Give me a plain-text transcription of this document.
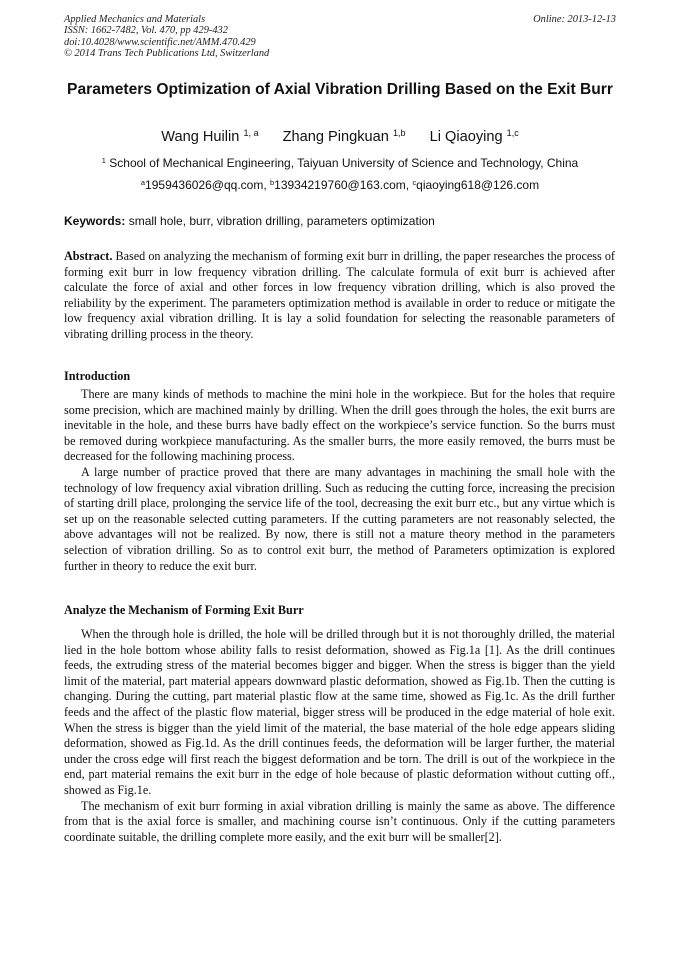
Applied Mechanics and Materials
ISSN: 1662-7482, Vol. 470, pp 429-432
doi:10.4028/www.scientific.net/AMM.470.429
© 2014 Trans Tech Publications Ltd, Switzerland
Online: 2013-12-13
Parameters Optimization of Axial Vibration Drilling Based on the Exit Burr
Wang Huilin $^{1, a}$ Zhang Pingkuan $^{1,b}$ Li Qiaoying $^{1,c}$
$^1$ School of Mechanical Engineering, Taiyuan University of Science and Technology, China
$^a$1959436026@qq.com, $^b$13934219760@163.com, $^c$qiaoying618@126.com
Keywords: small hole, burr, vibration drilling, parameters optimization

Abstract. Based on analyzing the mechanism of forming exit burr in drilling, the paper researches the process of forming exit burr in low frequency vibration drilling. The calculate formula of exit burr is achieved after calculate the force of axial and other forces in low frequency vibration drilling, which is also proved the reliability by the experiment. The parameters optimization method is available in order to reduce or mitigate the low frequency axial vibration drilling. It is lay a solid foundation for selecting the reasonable parameters of vibrating drilling process in the theory.

Introduction

There are many kinds of methods to machine the mini hole in the workpiece. But for the holes that require some precision, which are machined mainly by drilling. When the drill goes through the holes, the exit burrs are inevitable in the hole, and these burrs have badly effect on the workpiece’s service function. So the burrs must be removed during workpiece manufacturing. As the smaller burrs, the more easily removed, the burrs must be decreased for the following machining process.

A large number of practice proved that there are many advantages in machining the small hole with the technology of low frequency axial vibration drilling. Such as reducing the cutting force, increasing the precision of starting drill place, prolonging the service life of the tool, decreasing the exit burr etc., but any virtue which is set up on the reasonable selected cutting parameters. If the cutting parameters are not reasonably selected, the above advantages will not be realized. By now, there is still not a mature theory method in the parameters selection of vibration drilling. So as to control exit burr, the method of Parameters optimization is explored further in theory to reduce the exit burr.

Analyze the Mechanism of Forming Exit Burr

When the through hole is drilled, the hole will be drilled through but it is not thoroughly drilled, the material lied in the hole bottom whose ability falls to resist deformation, showed as Fig.1a [1]. As the drill continues feeds, the extruding stress of the material becomes bigger and bigger. When the stress is bigger than the yield limit of the material, part material appears downward plastic deformation, showed as Fig.1b. Then the cutting is changing. During the cutting, part material plastic flow at the same time, showed as Fig.1c. As the drill further feeds and the affect of the plastic flow material, bigger stress will be produced in the edge material of hole exit. When the stress is bigger than the yield limit of the material, the base material of the hole edge appears sliding deformation, showed as Fig.1d. As the drill continues feeds, the deformation will be larger further, the material under the cross edge will first reach the biggest deformation and be torn. The drill is out of the workpiece in the end, part material remains the exit burr in the edge of hole because of plastic deformation without cutting off., showed as Fig.1e.

The mechanism of exit burr forming in axial vibration drilling is mainly the same as above. The difference from that is the axial force is smaller, and machining course isn’t continuous. Only if the cutting parameters coordinate suitable, the drilling complete more easily, and the exit burr will be smaller[2].
